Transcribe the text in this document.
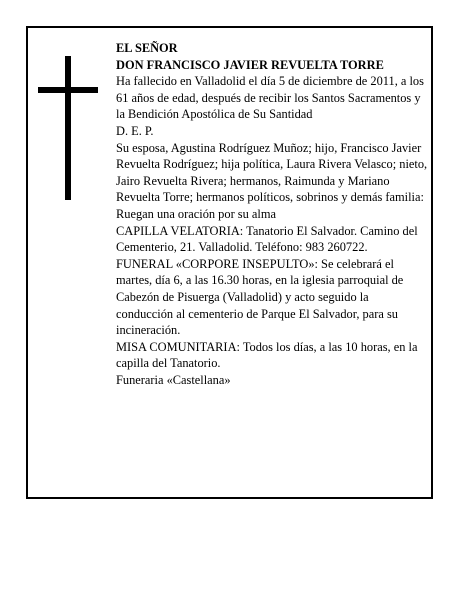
EL SEÑOR

DON FRANCISCO JAVIER REVUELTA TORRE

Ha fallecido en Valladolid el día 5 de diciembre de 2011, a los 61 años de edad, después de recibir los Santos Sacramentos y la Bendición Apostólica de Su Santidad

D. E. P.

Su esposa, Agustina Rodríguez Muñoz; hijo, Francisco Javier Revuelta Rodríguez; hija política, Laura Rivera Velasco; nieto, Jairo Revuelta Rivera; hermanos, Raimunda y Mariano Revuelta Torre; hermanos políticos, sobrinos y demás familia:

Ruegan una oración por su alma

CAPILLA VELATORIA: Tanatorio El Salvador. Camino del Cementerio, 21. Valladolid. Teléfono: 983 260722.

FUNERAL «CORPORE INSEPULTO»: Se celebrará el martes, día 6, a las 16.30 horas, en la iglesia parroquial de Cabezón de Pisuerga (Valladolid) y acto seguido la conducción al cementerio de Parque El Salvador, para su incineración.

MISA COMUNITARIA: Todos los días, a las 10 horas, en la capilla del Tanatorio.

Funeraria «Castellana»
